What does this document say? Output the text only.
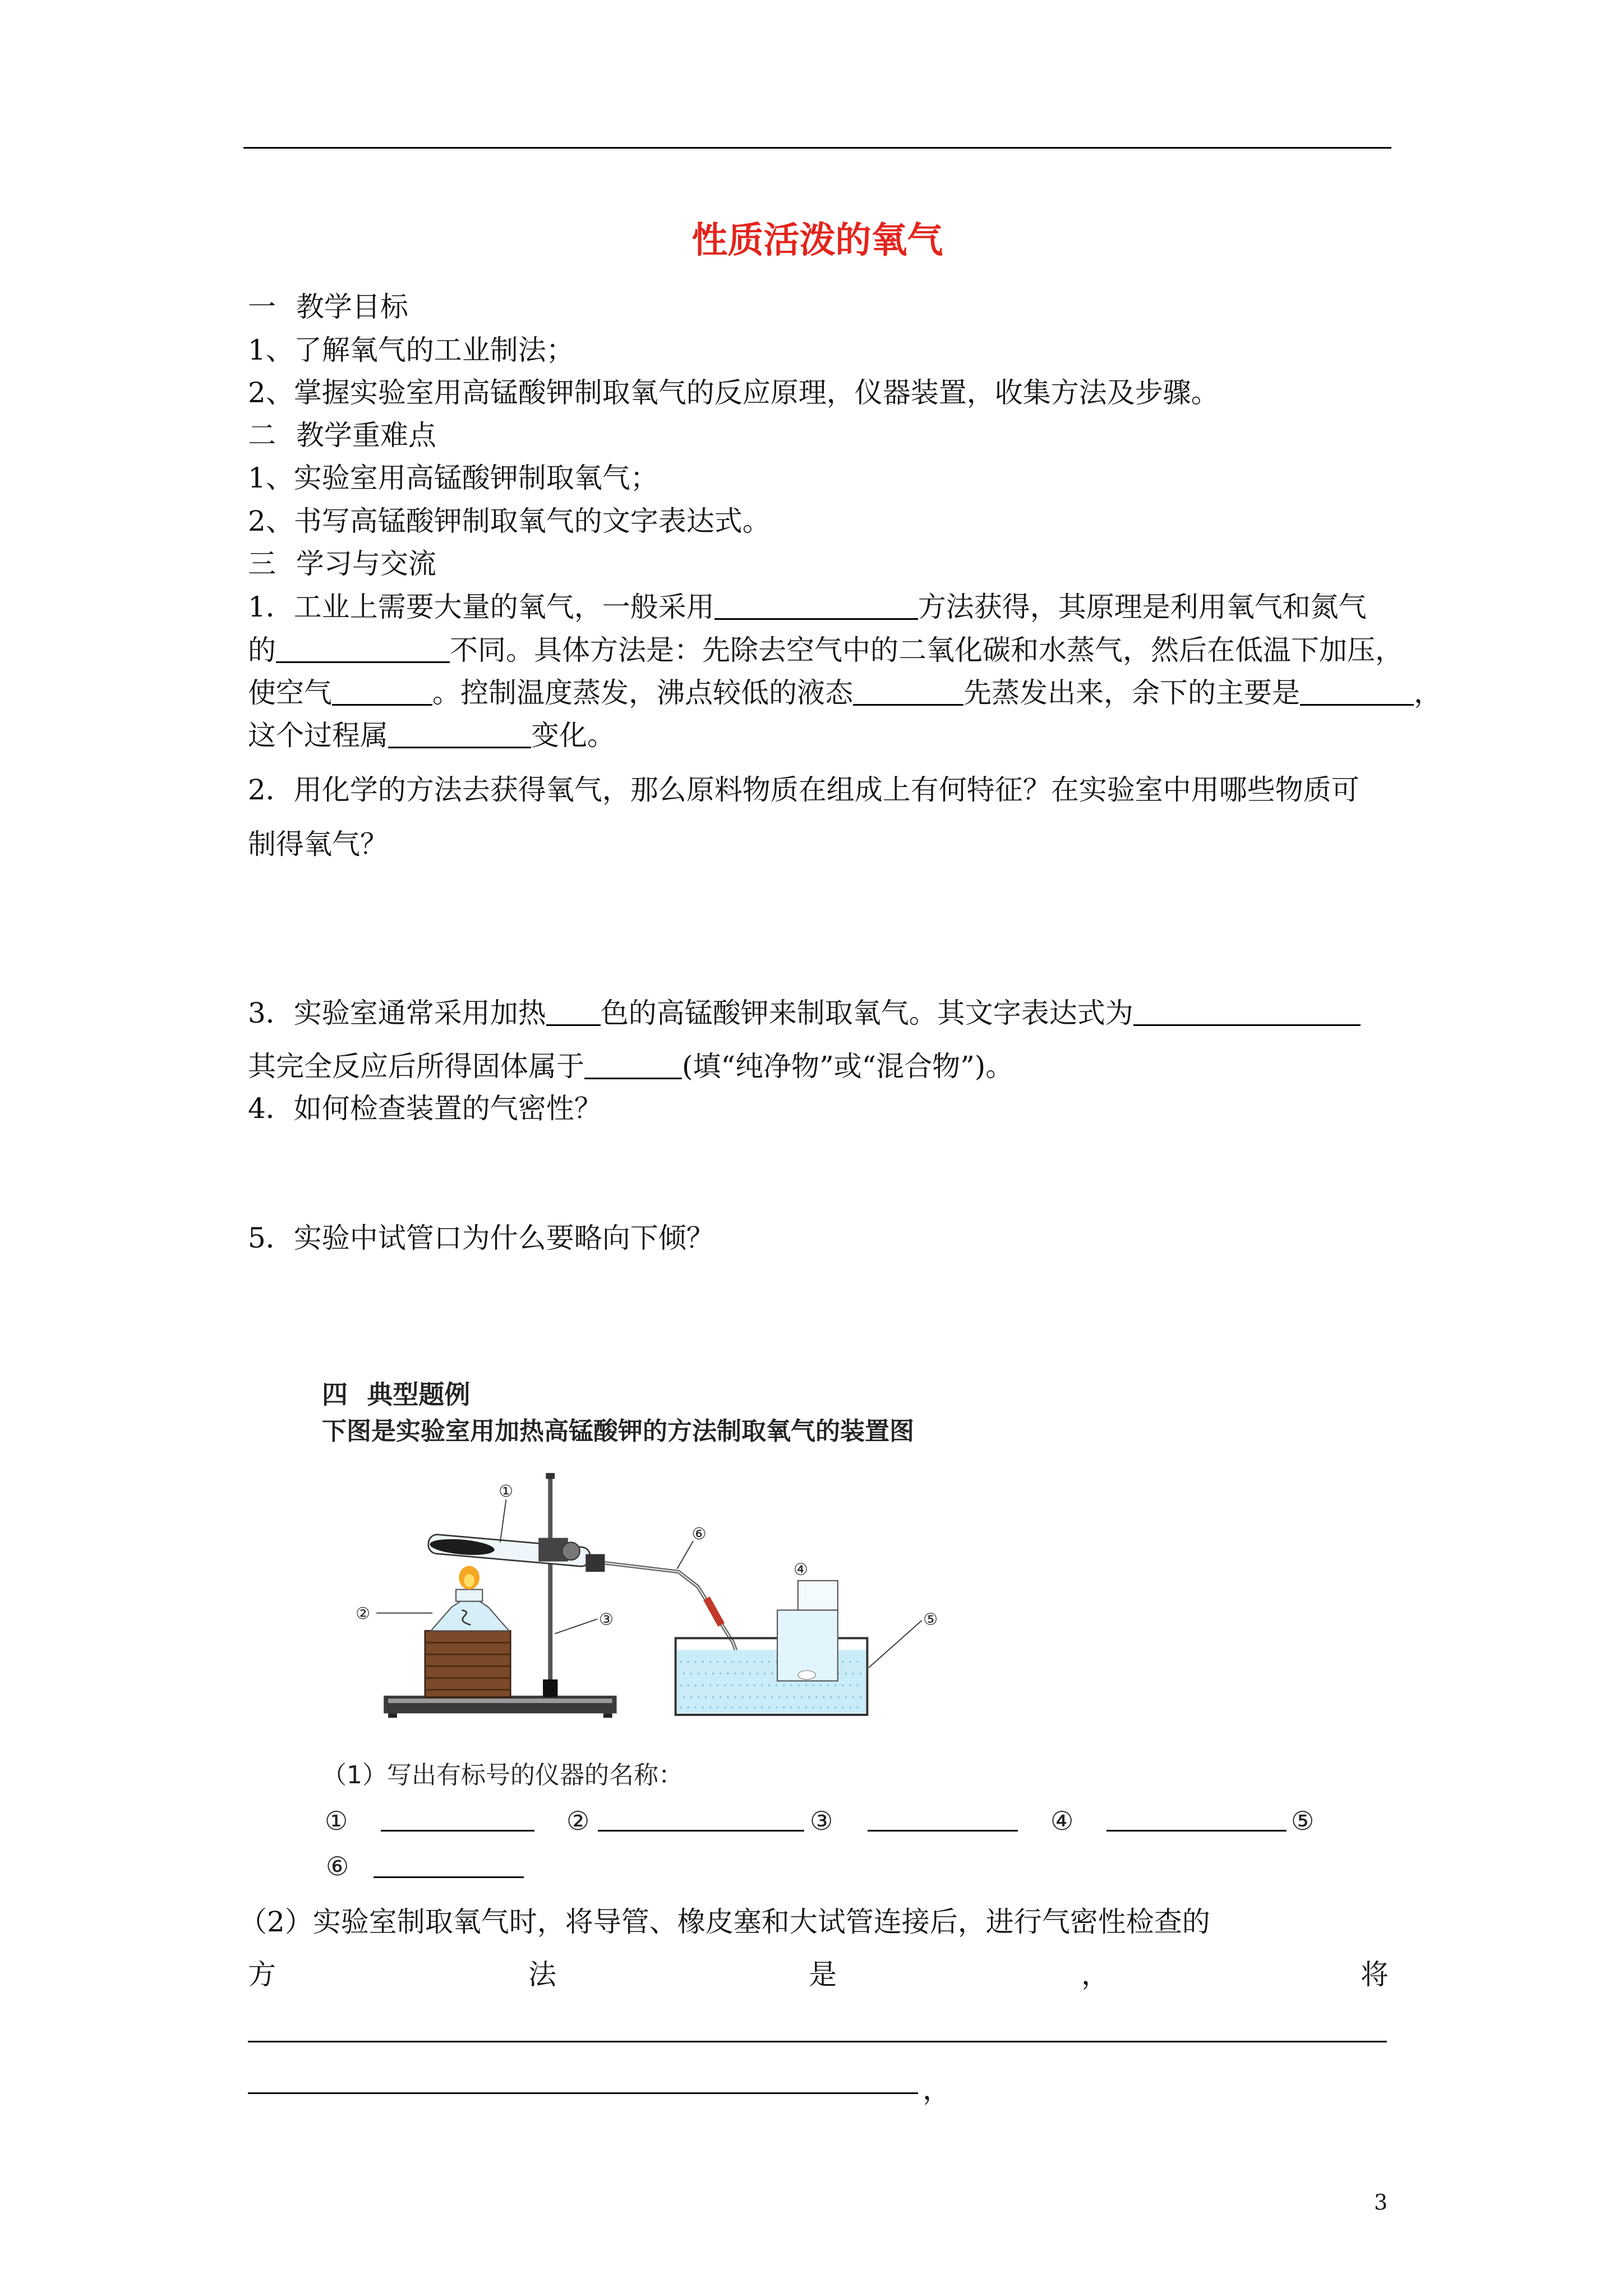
性质活泼的氧气
一 教学目标
1、了解氧气的工业制法；
2、掌握实验室用高锰酸钾制取氧气的反应原理，仪器装置，收集方法及步骤。
二 教学重难点
1、实验室用高锰酸钾制取氧气；
2、书写高锰酸钾制取氧气的文字表达式。
三 学习与交流
1．工业上需要大量的氧气，一般采用	方法获得，其原理是利用氧气和氮气
的	不同。具体方法是：先除去空气中的二氧化碳和水蒸气，然后在低温下加压，
使空气	。控制温度蒸发，沸点较低的液态	先蒸发出来，余下的主要是	，
这个过程属	变化。
2．用化学的方法去获得氧气，那么原料物质在组成上有何特征？在实验室中用哪些物质可
制得氧气？
3．实验室通常采用加热 色的高锰酸钾来制取氧气。其文字表达式为
其完全反应后所得固体属于	(填“纯净物”或“混合物”)。
4．如何检查装置的气密性？
5．实验中试管口为什么要略向下倾？
四 典型题例
下图是实验室用加热高锰酸钾的方法制取氧气的装置图
①
②	③
④
⑤
⑥
（1）写出有标号的仪器的名称：
①	②	③	④	⑤
⑥
（2）实验室制取氧气时，将导管、橡皮塞和大试管连接后，进行气密性检查的
方	法	是	，	将
，
3
